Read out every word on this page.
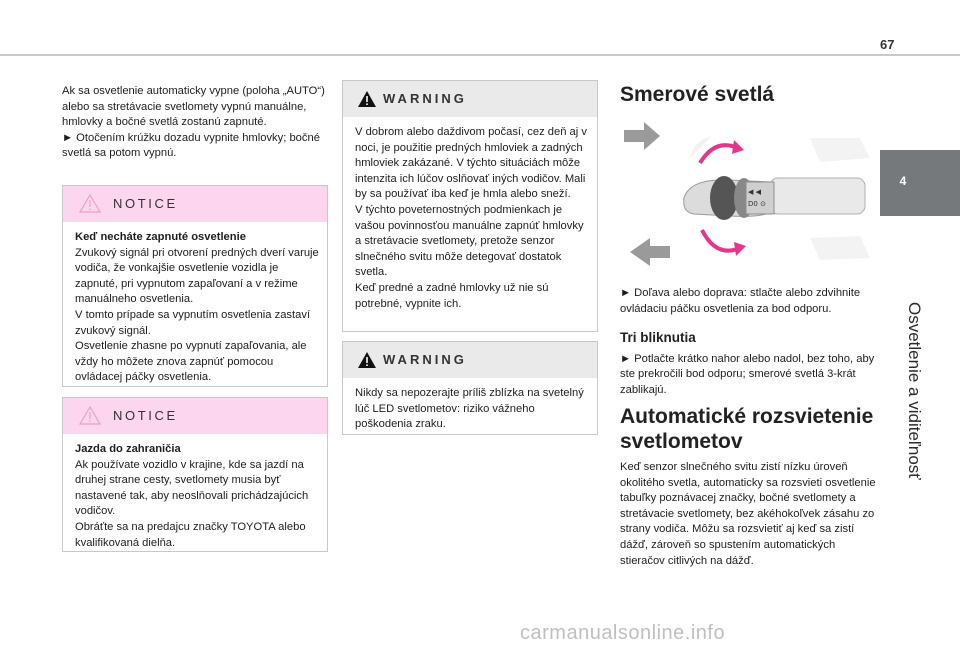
67
4
Osvetlenie a viditeľnosť

Ak sa osvetlenie automaticky vypne (poloha „AUTO“) alebo sa stretávacie svetlomety vypnú manuálne, hmlovky a bočné svetlá zostanú zapnuté.

► Otočením krúžku dozadu vypnite hmlovky; bočné svetlá sa potom vypnú.

NOTICE

Keď necháte zapnuté osvetlenie

Zvukový signál pri otvorení predných dverí varuje vodiča, že vonkajšie osvetlenie vozidla je zapnuté, pri vypnutom zapaľovaní a v režime manuálneho osvetlenia.
V tomto prípade sa vypnutím osvetlenia zastaví zvukový signál.
Osvetlenie zhasne po vypnutí zapaľovania, ale vždy ho môžete znova zapnúť pomocou ovládacej páčky osvetlenia.

NOTICE

Jazda do zahraničia

Ak používate vozidlo v krajine, kde sa jazdí na druhej strane cesty, svetlomety musia byť nastavené tak, aby neoslňovali prichádzajúcich vodičov.
Obráťte sa na predajcu značky TOYOTA alebo kvalifikovaná dielňa.

WARNING

V dobrom alebo daždivom počasí, cez deň aj v noci, je použitie predných hmloviek a zadných hmloviek zakázané. V týchto situáciách môže intenzita ich lúčov oslňovať iných vodičov. Mali by sa používať iba keď je hmla alebo sneží.
V týchto poveternostných podmienkach je vašou povinnosťou manuálne zapnúť hmlovky a stretávacie svetlomety, pretože senzor slnečného svitu môže detegovať dostatok svetla.
Keď predné a zadné hmlovky už nie sú potrebné, vypnite ich.

WARNING

Nikdy sa nepozerajte príliš zblízka na svetelný lúč LED svetlometov: riziko vážneho poškodenia zraku.

Smerové svetlá
◀ ◀
D0 ⊙

► Doľava alebo doprava: stlačte alebo zdvihnite ovládaciu páčku osvetlenia za bod odporu.

Tri bliknutia

► Potlačte krátko nahor alebo nadol, bez toho, aby ste prekročili bod odporu; smerové svetlá 3-krát zablikajú.

Automatické rozsvietenie svetlometov

Keď senzor slnečného svitu zistí nízku úroveň okolitého svetla, automaticky sa rozsvieti osvetlenie tabuľky poznávacej značky, bočné svetlomety a stretávacie svetlomety, bez akéhokoľvek zásahu zo strany vodiča. Môžu sa rozsvietiť aj keď sa zistí dážď, zároveň so spustením automatických stieračov citlivých na dážď.

carmanualsonline.info
